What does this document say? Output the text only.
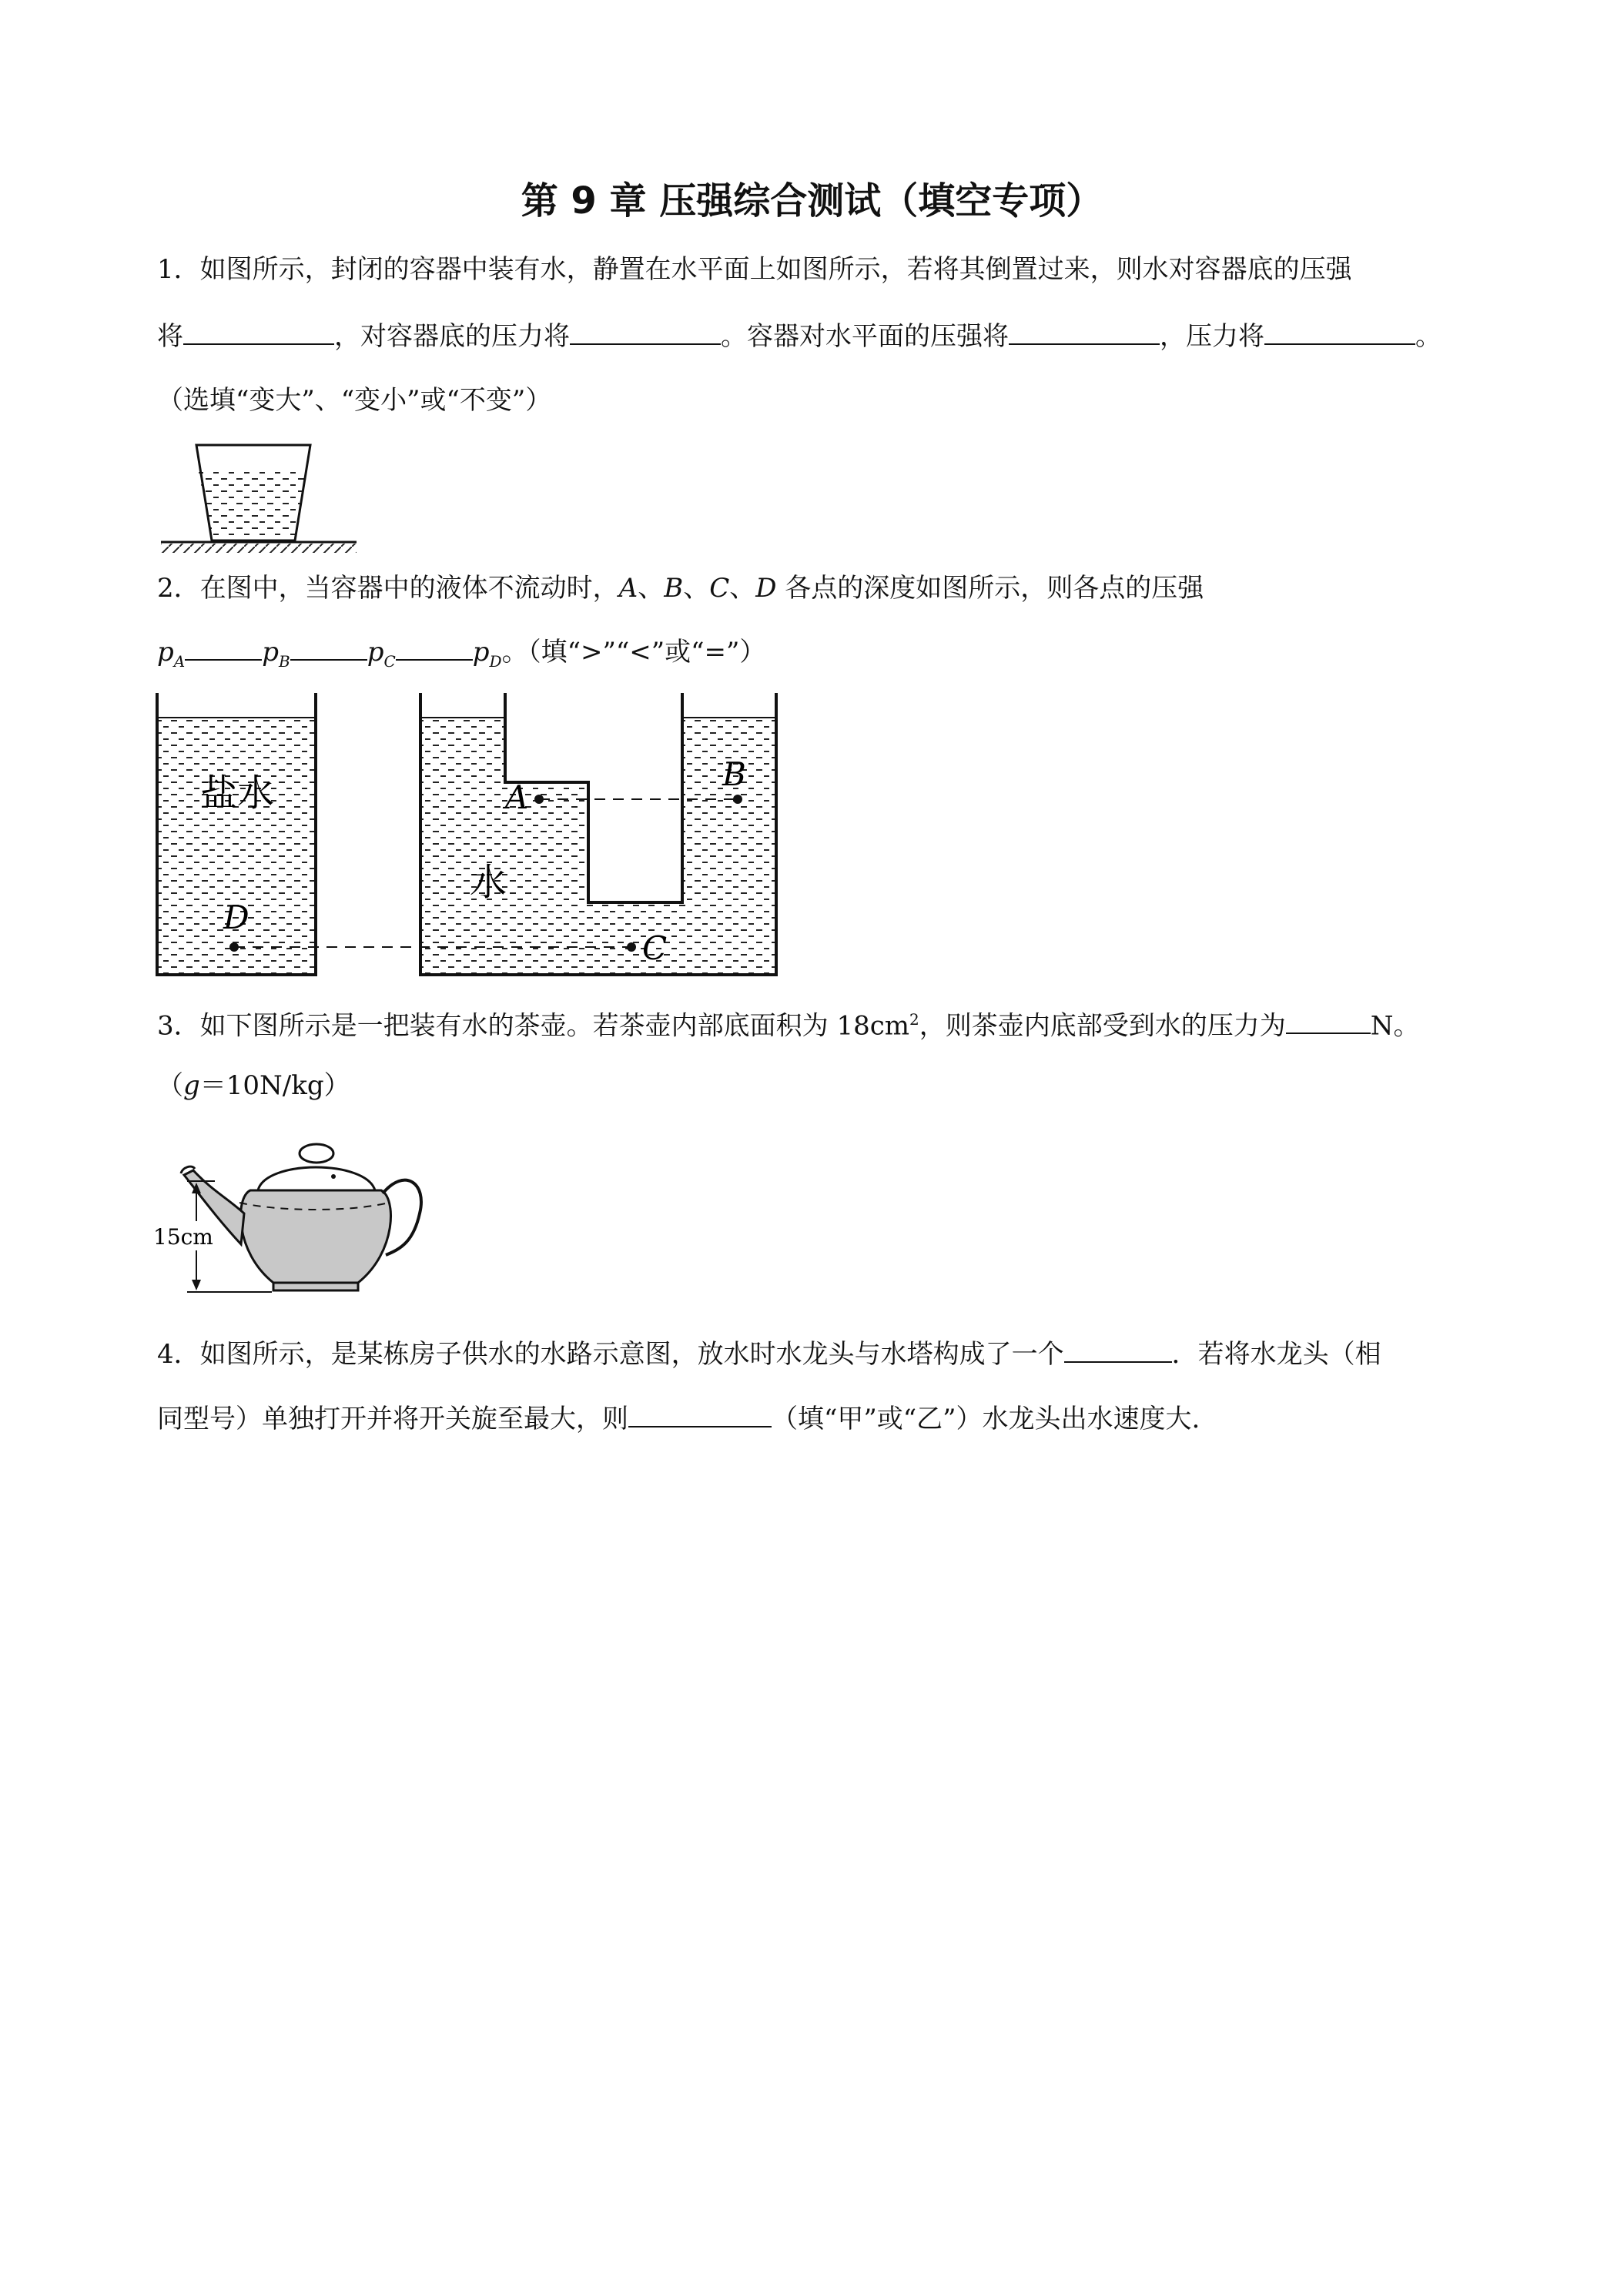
第 9 章 压强综合测试（填空专项）
1．如图所示，封闭的容器中装有水，静置在水平面上如图所示，若将其倒置过来，则水对容器底的压强
将	，对容器底的压力将	。容器对水平面的压强将	，压力将	。
（选填“变大”、“变小”或“不变”）
2．在图中，当容器中的液体不流动时，A、B、C、D 各点的深度如图所示，则各点的压强
$p_A$	$p_B$	$p_C$	$p_D$。（填“>”“<”或“=”）
盐水
水
A
B
C
D
3．如下图所示是一把装有水的茶壶。若茶壶内部底面积为 $18cm^2$，则茶壶内底部受到水的压力为	N。
（g＝10N/kg）
15cm
4．如图所示，是某栋房子供水的水路示意图，放水时水龙头与水塔构成了一个	．若将水龙头（相
同型号）单独打开并将开关旋至最大，则	（填“甲”或“乙”）水龙头出水速度大.
